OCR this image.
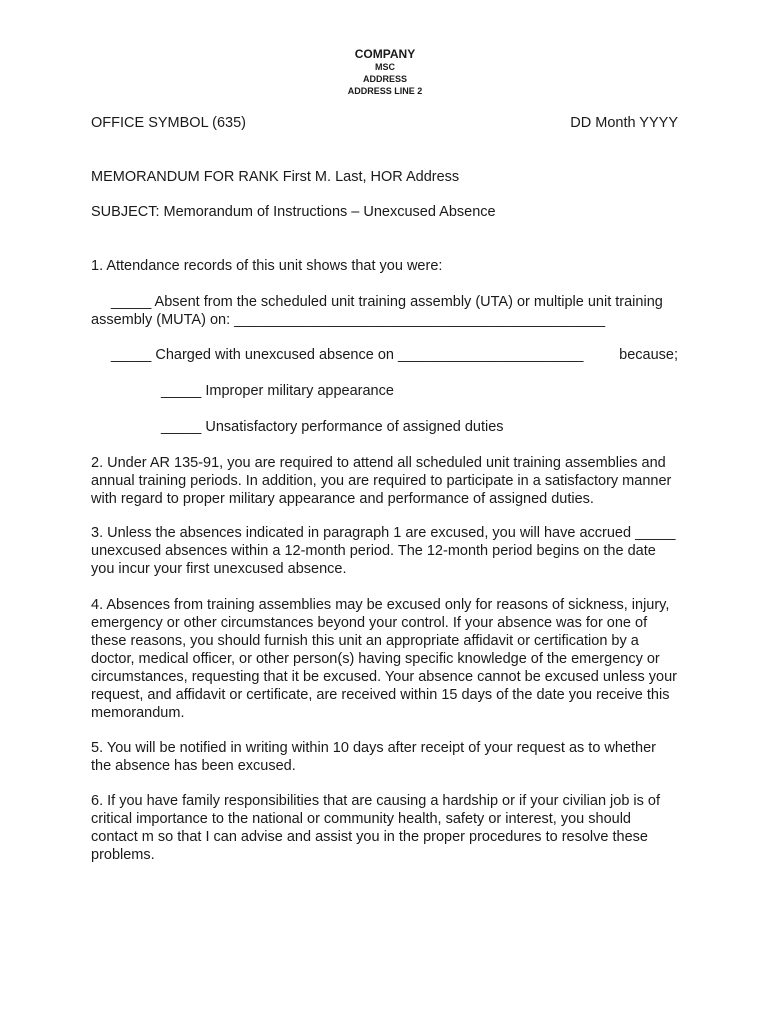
COMPANY
MSC
ADDRESS
ADDRESS LINE 2
OFFICE SYMBOL (635)	DD Month YYYY
MEMORANDUM FOR RANK First M. Last, HOR Address
SUBJECT: Memorandum of Instructions – Unexcused Absence
1. Attendance records of this unit shows that you were:
_____ Absent from the scheduled unit training assembly (UTA) or multiple unit training assembly (MUTA) on: ______________________________________________
_____ Charged with unexcused absence on _______________________ because;
_____ Improper military appearance
_____ Unsatisfactory performance of assigned duties
2. Under AR 135-91, you are required to attend all scheduled unit training assemblies and annual training periods. In addition, you are required to participate in a satisfactory manner with regard to proper military appearance and performance of assigned duties.
3. Unless the absences indicated in paragraph 1 are excused, you will have accrued _____ unexcused absences within a 12-month period. The 12-month period begins on the date you incur your first unexcused absence.
4. Absences from training assemblies may be excused only for reasons of sickness, injury, emergency or other circumstances beyond your control. If your absence was for one of these reasons, you should furnish this unit an appropriate affidavit or certification by a doctor, medical officer, or other person(s) having specific knowledge of the emergency or circumstances, requesting that it be excused. Your absence cannot be excused unless your request, and affidavit or certificate, are received within 15 days of the date you receive this memorandum.
5. You will be notified in writing within 10 days after receipt of your request as to whether the absence has been excused.
6. If you have family responsibilities that are causing a hardship or if your civilian job is of critical importance to the national or community health, safety or interest, you should contact m so that I can advise and assist you in the proper procedures to resolve these problems.
